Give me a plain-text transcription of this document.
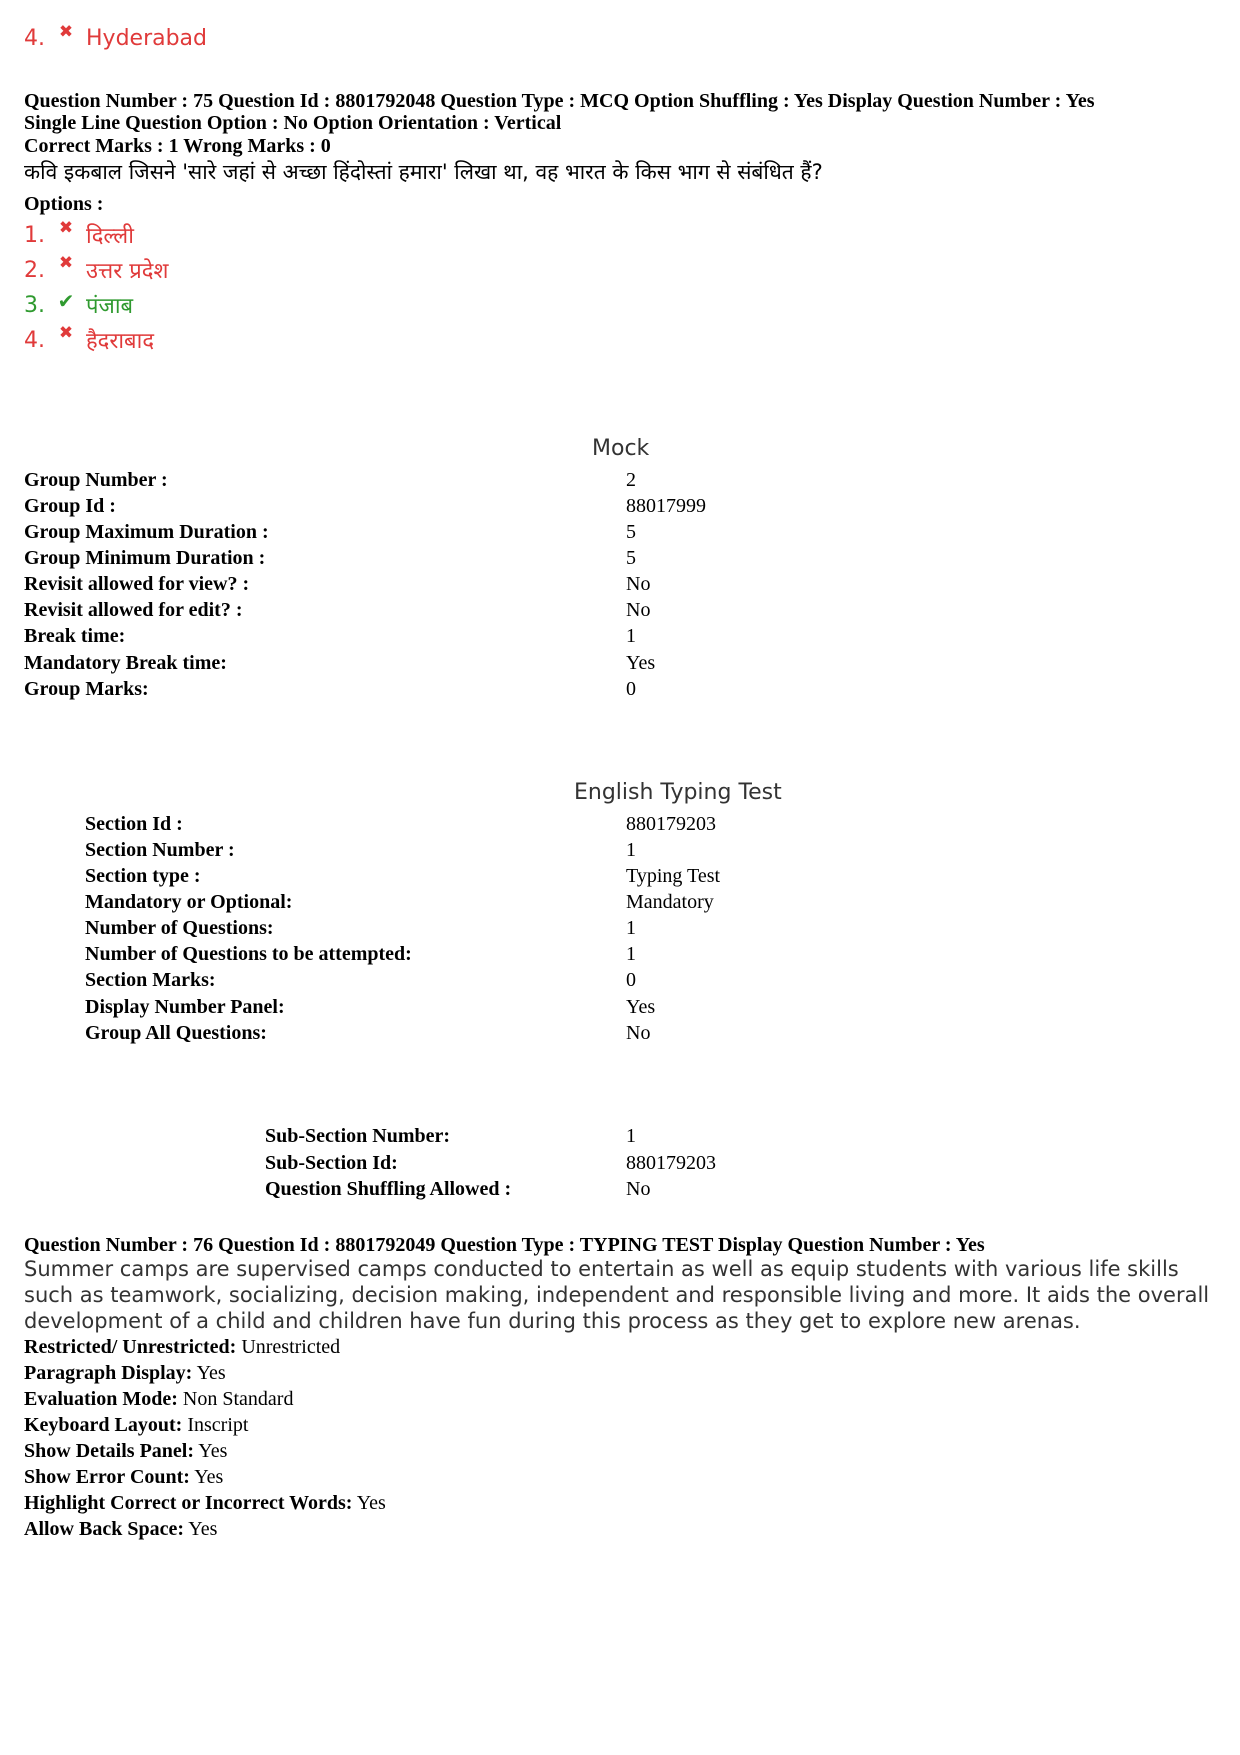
4. ✖ Hyderabad
Question Number : 75 Question Id : 8801792048 Question Type : MCQ Option Shuffling : Yes Display Question Number : Yes
Single Line Question Option : No Option Orientation : Vertical
Correct Marks : 1 Wrong Marks : 0
कवि इकबाल जिसने 'सारे जहां से अच्छा हिंदोस्तां हमारा' लिखा था, वह भारत के किस भाग से संबंधित हैं?
Options :
1. ✖ दिल्ली
2. ✖ उत्तर प्रदेश
3. ✔ पंजाब
4. ✖ हैदराबाद
Mock
Group Number :	2
Group Id :	88017999
Group Maximum Duration :	5
Group Minimum Duration :	5
Revisit allowed for view? :	No
Revisit allowed for edit? :	No
Break time:	1
Mandatory Break time:	Yes
Group Marks:	0
English Typing Test
Section Id :	880179203
Section Number :	1
Section type :	Typing Test
Mandatory or Optional:	Mandatory
Number of Questions:	1
Number of Questions to be attempted:	1
Section Marks:	0
Display Number Panel:	Yes
Group All Questions:	No
Sub-Section Number:	1
Sub-Section Id:	880179203
Question Shuffling Allowed :	No
Question Number : 76 Question Id : 8801792049 Question Type : TYPING TEST Display Question Number : Yes
Summer camps are supervised camps conducted to entertain as well as equip students with various life skills such as teamwork, socializing, decision making, independent and responsible living and more. It aids the overall development of a child and children have fun during this process as they get to explore new arenas.
Restricted/ Unrestricted: Unrestricted
Paragraph Display: Yes
Evaluation Mode: Non Standard
Keyboard Layout: Inscript
Show Details Panel: Yes
Show Error Count: Yes
Highlight Correct or Incorrect Words: Yes
Allow Back Space: Yes
